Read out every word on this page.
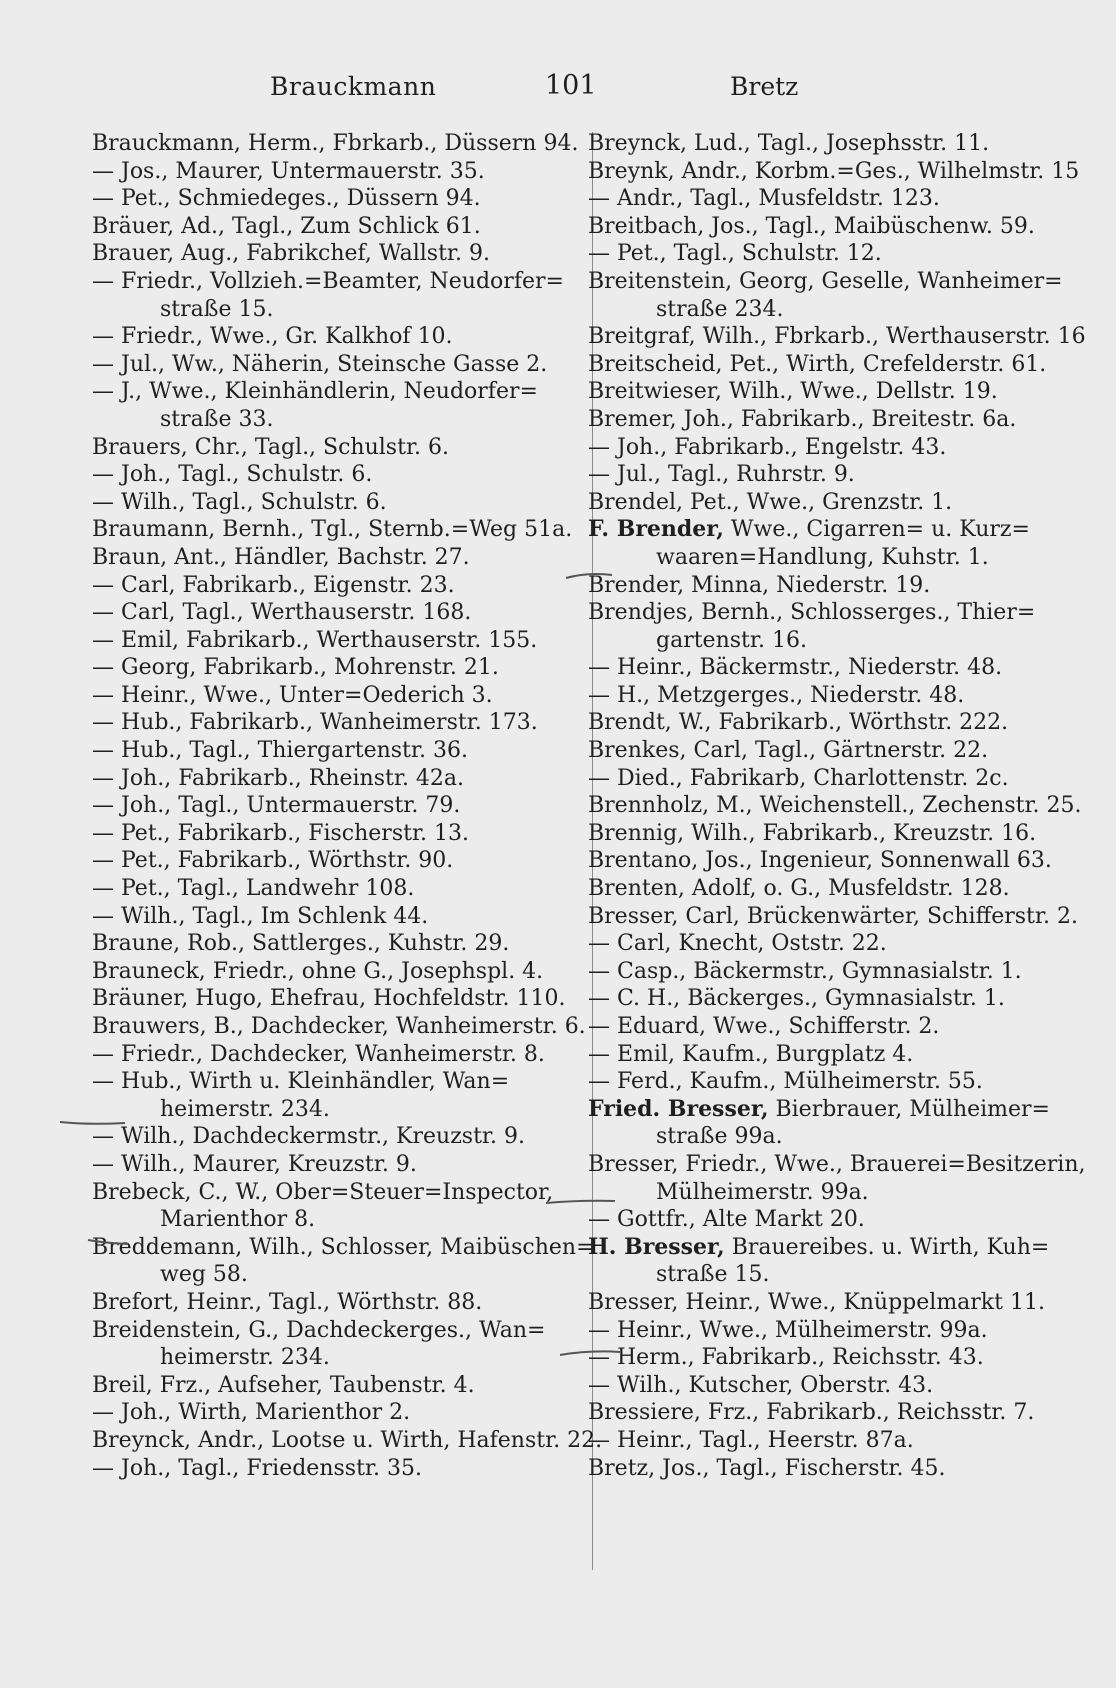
Brauckmann	101	Bretz
Brauckmann, Herm., Fbrkarb., Düssern 94.
— Jos., Maurer, Untermauerstr. 35.
— Pet., Schmiedeges., Düssern 94.
Bräuer, Ad., Tagl., Zum Schlick 61.
Brauer, Aug., Fabrikchef, Wallstr. 9.
— Friedr., Vollzieh.=Beamter, Neudorfer=
straße 15.
— Friedr., Wwe., Gr. Kalkhof 10.
— Jul., Ww., Näherin, Steinsche Gasse 2.
— J., Wwe., Kleinhändlerin, Neudorfer=
straße 33.
Brauers, Chr., Tagl., Schulstr. 6.
— Joh., Tagl., Schulstr. 6.
— Wilh., Tagl., Schulstr. 6.
Braumann, Bernh., Tgl., Sternb.=Weg 51a.
Braun, Ant., Händler, Bachstr. 27.
— Carl, Fabrikarb., Eigenstr. 23.
— Carl, Tagl., Werthauserstr. 168.
— Emil, Fabrikarb., Werthauserstr. 155.
— Georg, Fabrikarb., Mohrenstr. 21.
— Heinr., Wwe., Unter=Oederich 3.
— Hub., Fabrikarb., Wanheimerstr. 173.
— Hub., Tagl., Thiergartenstr. 36.
— Joh., Fabrikarb., Rheinstr. 42a.
— Joh., Tagl., Untermauerstr. 79.
— Pet., Fabrikarb., Fischerstr. 13.
— Pet., Fabrikarb., Wörthstr. 90.
— Pet., Tagl., Landwehr 108.
— Wilh., Tagl., Im Schlenk 44.
Braune, Rob., Sattlerges., Kuhstr. 29.
Brauneck, Friedr., ohne G., Josephspl. 4.
Bräuner, Hugo, Ehefrau, Hochfeldstr. 110.
Brauwers, B., Dachdecker, Wanheimerstr. 6.
— Friedr., Dachdecker, Wanheimerstr. 8.
— Hub., Wirth u. Kleinhändler, Wan=
heimerstr. 234.
— Wilh., Dachdeckermstr., Kreuzstr. 9.
— Wilh., Maurer, Kreuzstr. 9.
Brebeck, C., W., Ober=Steuer=Inspector,
Marienthor 8.
Breddemann, Wilh., Schlosser, Maibüschen=
weg 58.
Brefort, Heinr., Tagl., Wörthstr. 88.
Breidenstein, G., Dachdeckerges., Wan=
heimerstr. 234.
Breil, Frz., Aufseher, Taubenstr. 4.
— Joh., Wirth, Marienthor 2.
Breynck, Andr., Lootse u. Wirth, Hafenstr. 22.
— Joh., Tagl., Friedensstr. 35.
Breynck, Lud., Tagl., Josephsstr. 11.
Breynk, Andr., Korbm.=Ges., Wilhelmstr. 15
— Andr., Tagl., Musfeldstr. 123.
Breitbach, Jos., Tagl., Maibüschenw. 59.
— Pet., Tagl., Schulstr. 12.
Breitenstein, Georg, Geselle, Wanheimer=
straße 234.
Breitgraf, Wilh., Fbrkarb., Werthauserstr. 16
Breitscheid, Pet., Wirth, Crefelderstr. 61.
Breitwieser, Wilh., Wwe., Dellstr. 19.
Bremer, Joh., Fabrikarb., Breitestr. 6a.
— Joh., Fabrikarb., Engelstr. 43.
— Jul., Tagl., Ruhrstr. 9.
Brendel, Pet., Wwe., Grenzstr. 1.
F. Brender, Wwe., Cigarren= u. Kurz=
waaren=Handlung, Kuhstr. 1.
Brender, Minna, Niederstr. 19.
Brendjes, Bernh., Schlosserges., Thier=
gartenstr. 16.
— Heinr., Bäckermstr., Niederstr. 48.
— H., Metzgerges., Niederstr. 48.
Brendt, W., Fabrikarb., Wörthstr. 222.
Brenkes, Carl, Tagl., Gärtnerstr. 22.
— Died., Fabrikarb, Charlottenstr. 2c.
Brennholz, M., Weichenstell., Zechenstr. 25.
Brennig, Wilh., Fabrikarb., Kreuzstr. 16.
Brentano, Jos., Ingenieur, Sonnenwall 63.
Brenten, Adolf, o. G., Musfeldstr. 128.
Bresser, Carl, Brückenwärter, Schifferstr. 2.
— Carl, Knecht, Oststr. 22.
— Casp., Bäckermstr., Gymnasialstr. 1.
— C. H., Bäckerges., Gymnasialstr. 1.
— Eduard, Wwe., Schifferstr. 2.
— Emil, Kaufm., Burgplatz 4.
— Ferd., Kaufm., Mülheimerstr. 55.
Fried. Bresser, Bierbrauer, Mülheimer=
straße 99a.
Bresser, Friedr., Wwe., Brauerei=Besitzerin,
Mülheimerstr. 99a.
— Gottfr., Alte Markt 20.
H. Bresser, Brauereibes. u. Wirth, Kuh=
straße 15.
Bresser, Heinr., Wwe., Knüppelmarkt 11.
— Heinr., Wwe., Mülheimerstr. 99a.
— Herm., Fabrikarb., Reichsstr. 43.
— Wilh., Kutscher, Oberstr. 43.
Bressiere, Frz., Fabrikarb., Reichsstr. 7.
— Heinr., Tagl., Heerstr. 87a.
Bretz, Jos., Tagl., Fischerstr. 45.
